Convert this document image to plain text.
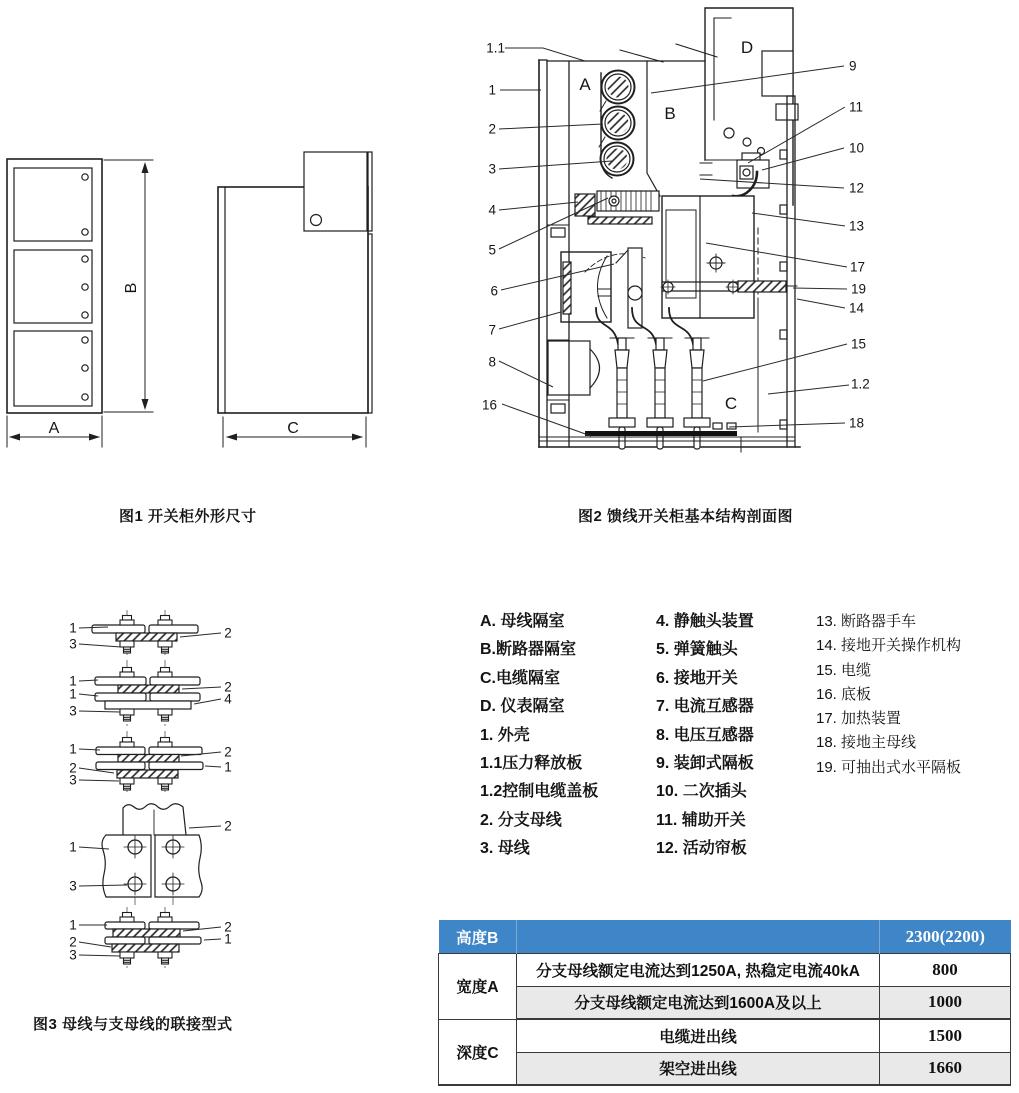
A
B
C
A
B
C
D
1.1
1
2
3
4
5
6
7
8
16
9
11
10
12
13
17
19
14
15
1.2
18
1	2
3
1
1
3
2
4
1
2
3
2
1
2
1
3
1
2
3
2
1
图1 开关柜外形尺寸	图2 馈线开关柜基本结构剖面图
图3 母线与支母线的联接型式
A. 母线隔室
B.断路器隔室
C.电缆隔室
D. 仪表隔室
1. 外壳
1.1压力释放板
1.2控制电缆盖板
2. 分支母线
3. 母线
4. 静触头装置
5. 弹簧触头
6. 接地开关
7. 电流互感器
8. 电压互感器
9. 装卸式隔板
10. 二次插头
11. 辅助开关
12. 活动帘板
13. 断路器手车
14. 接地开关操作机构
15. 电缆
16. 底板
17. 加热装置
18. 接地主母线
19. 可抽出式水平隔板
高度B		2300(2200)
宽度A	分支母线额定电流达到1250A, 热稳定电流40kA	800
	分支母线额定电流达到1600A及以上	1000
深度C	电缆进出线	1500
	架空进出线	1660
